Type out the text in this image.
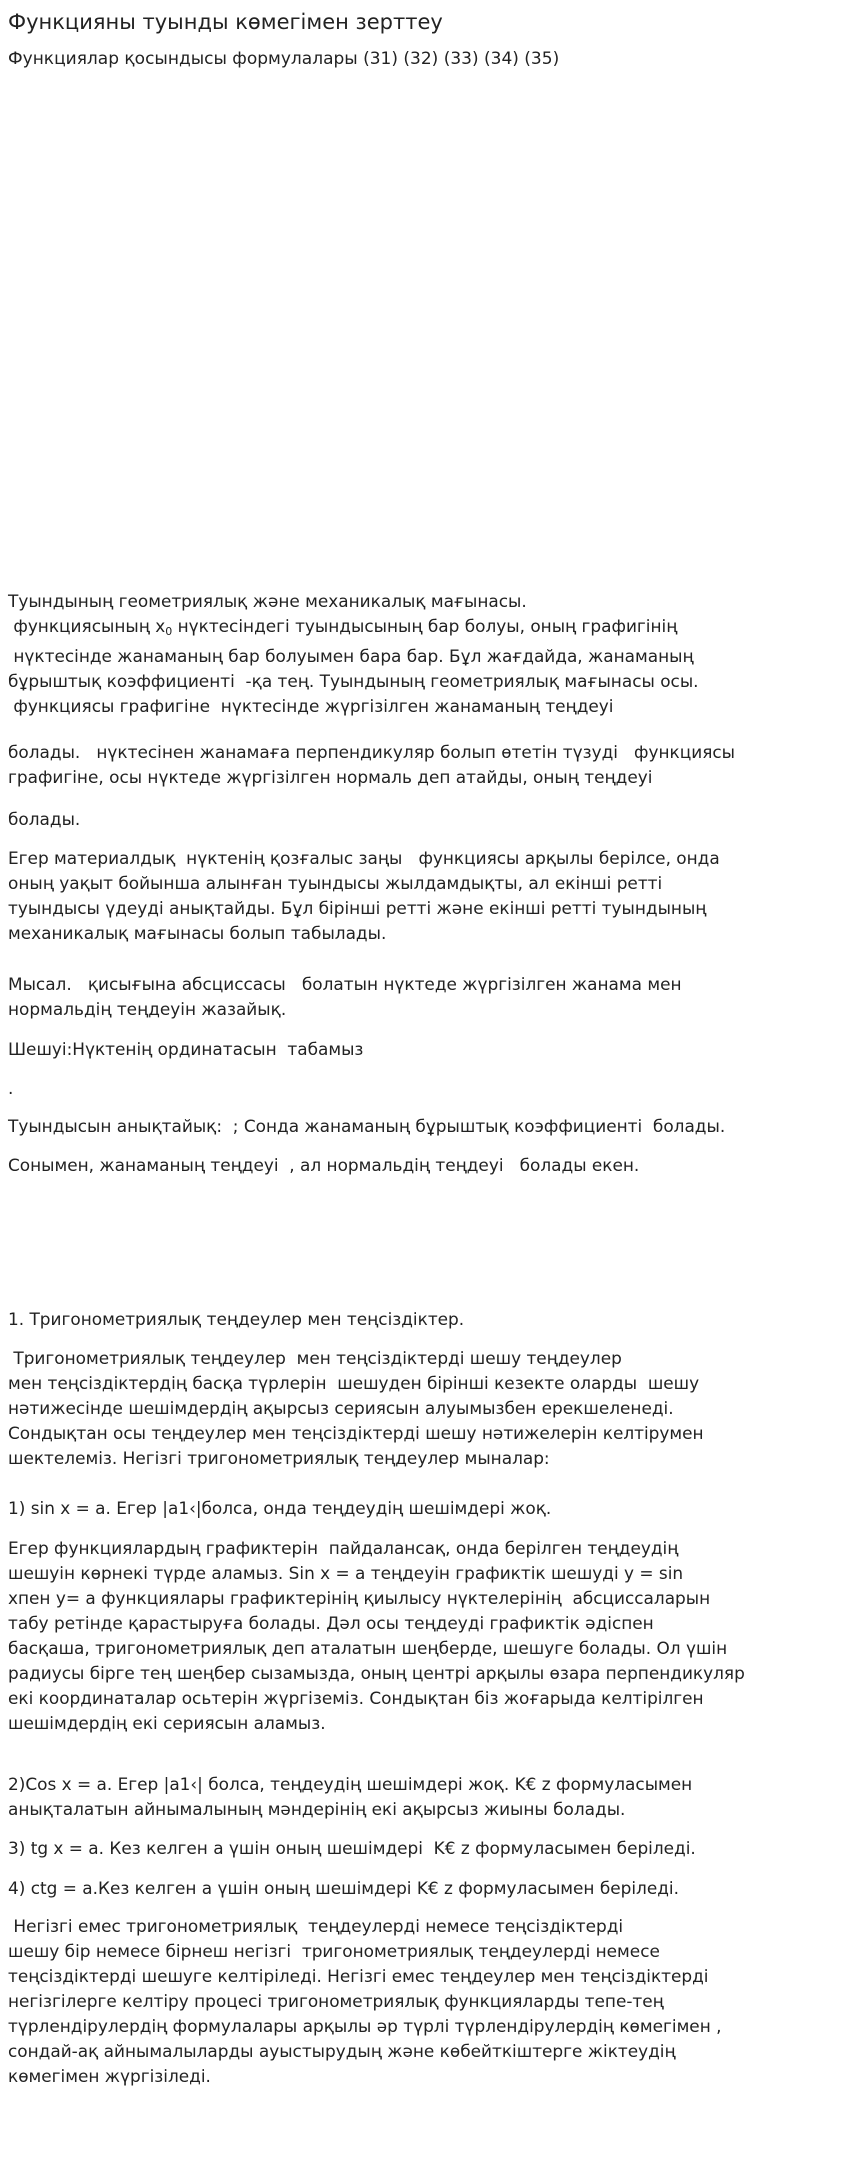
Функцияны туынды көмегімен зерттеу
Функциялар қосындысы формулалары (31) (32) (33) (34) (35)
Туындының геометриялық және механикалық мағынасы.
функциясының $x_0$ нүктесіндегі туындысының бар болуы, оның графигінің
нүктесінде жанаманың бар болуымен бара бар. Бұл жағдайда, жанаманың
бұрыштық коэффициенті  -қа тең. Туындының геометриялық мағынасы осы.
функциясы графигіне  нүктесінде жүргізілген жанаманың теңдеуі
болады.   нүктесінен жанамаға перпендикуляр болып өтетін түзуді   функциясы
графигіне, осы нүктеде жүргізілген нормаль деп атайды, оның теңдеуі
болады.
Егер материалдық  нүктенің қозғалыс заңы   функциясы арқылы берілсе, онда
оның уақыт бойынша алынған туындысы жылдамдықты, ал екінші ретті
туындысы үдеуді анықтайды. Бұл бірінші ретті және екінші ретті туындының
механикалық мағынасы болып табылады.
Мысал.   қисығына абсциссасы   болатын нүктеде жүргізілген жанама мен
нормальдің теңдеуін жазайық.
Шешуі:Нүктенің ординатасын  табамыз
.
Туындысын анықтайық:  ; Сонда жанаманың бұрыштық коэффициенті  болады.
Сонымен, жанаманың теңдеуі  , ал нормальдің теңдеуі   болады екен.
1. Тригонометриялық теңдеулер мен теңсіздіктер.
Тригонометриялық теңдеулер  мен теңсіздіктерді шешу теңдеулер
мен теңсіздіктердің басқа түрлерін  шешуден бірінші кезекте оларды  шешу
нәтижесінде шешімдердің ақырсыз сериясын алуымызбен ерекшеленеді.
Сондықтан осы теңдеулер мен теңсіздіктерді шешу нәтижелерін келтірумен
шектелеміз. Негізгі тригонометриялық теңдеулер мыналар:
1) sin x = a. Егер |a1‹|болса, онда теңдеудің шешімдері жоқ.
Егер функциялардың графиктерін  пайдалансақ, онда берілген теңдеудің
шешуін көрнекі түрде аламыз. Sin x = a теңдеуін графиктік шешуді y = sin
xпен y= a функциялары графиктерінің қиылысу нүктелерінің  абсциссаларын
табу ретінде қарастыруға болады. Дәл осы теңдеуді графиктік әдіспен
басқаша, тригонометриялық деп аталатын шеңберде, шешуге болады. Ол үшін
радиусы бірге тең шеңбер сызамызда, оның центрі арқылы өзара перпендикуляр
екі координаталар осьтерін жүргіземіз. Сондықтан біз жоғарыда келтірілген
шешімдердің екі сериясын аламыз.
2)Cos x = a. Егер |a1‹| болса, теңдеудің шешімдері жоқ. K€ z формуласымен
анықталатын айнымалының мәндерінің екі ақырсыз жиыны болады.
3) tg x = a. Кез келген a үшін оның шешімдері  K€ z формуласымен беріледі.
4) ctg = a.Кез келген a үшін оның шешімдері K€ z формуласымен беріледі.
Негізгі емес тригонометриялық  теңдеулерді немесе теңсіздіктерді
шешу бір немесе бірнеш негізгі  тригонометриялық теңдеулерді немесе
теңсіздіктерді шешуге келтіріледі. Негізгі емес теңдеулер мен теңсіздіктерді
негізгілерге келтіру процесі тригонометриялық функцияларды тепе-тең
түрлендірулердің формулалары арқылы әр түрлі түрлендірулердің көмегімен ,
сондай-ақ айнымалыларды ауыстырудың және көбейткіштерге жіктеудің
көмегімен жүргізіледі.
